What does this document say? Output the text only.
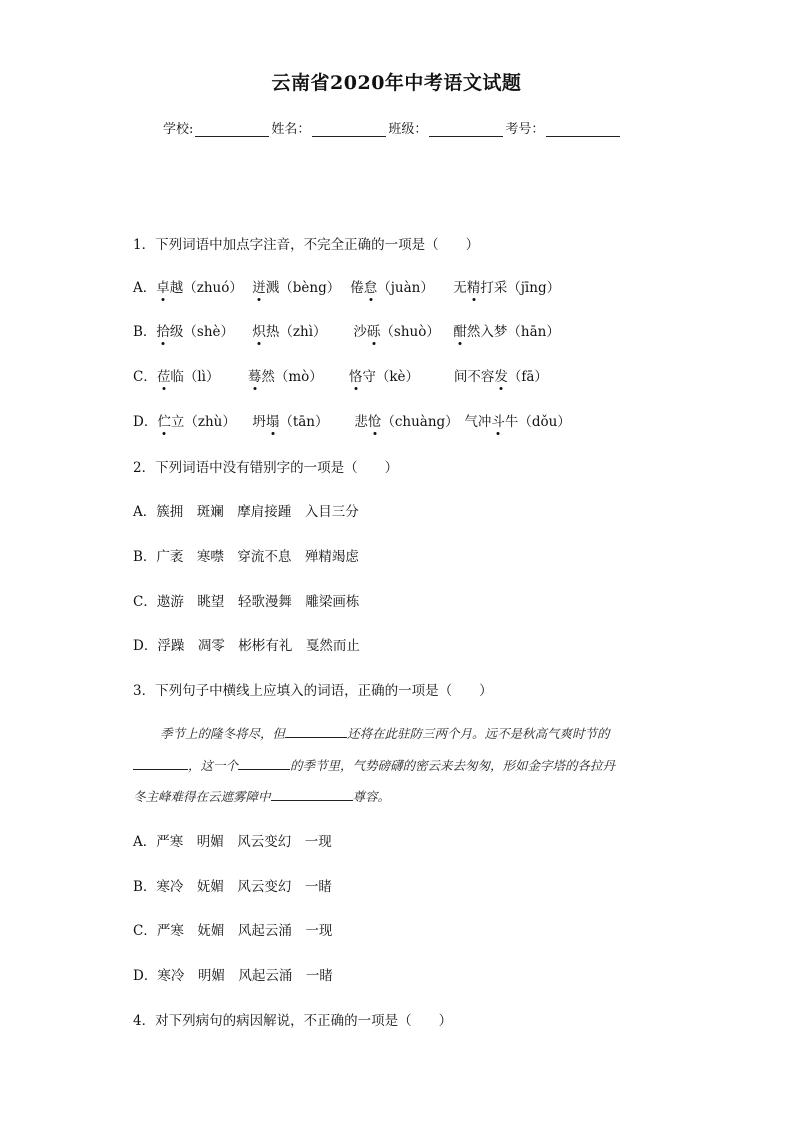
云南省2020年中考语文试题
学校:	姓名：	班级：	考号：
1．下列词语中加点字注音，不完全正确的一项是（　　）
A．卓越（zhuó） 迸溅（bèng） 倦怠（juàn） 无精打采（jīng）
B．拾级（shè） 炽热（zhì） 沙砾（shuò） 酣然入梦（hān）
C．莅临（lì） 蓦然（mò） 恪守（kè）	间不容发（fā）
D．伫立（zhù） 坍塌（tān） 悲怆（chuàng） 气冲斗牛（dǒu）
2．下列词语中没有错别字的一项是（　　）
A．簇拥　斑斓　摩肩接踵　入目三分
B．广袤　寒噤　穿流不息　殚精竭虑
C．遨游　眺望　轻歌漫舞　雕梁画栋
D．浮躁　凋零　彬彬有礼　戛然而止
3．下列句子中横线上应填入的词语，正确的一项是（　　）
季节上的隆冬将尽，但	还将在此驻防三两个月。远不是秋高气爽时节的
，这一个	的季节里，气势磅礴的密云来去匆匆，形如金字塔的各拉丹
冬主峰难得在云遮雾障中	尊容。
A．严寒　明媚　风云变幻　一现
B．寒冷　妩媚　风云变幻　一睹
C．严寒　妩媚　风起云涌　一现
D．寒冷　明媚　风起云涌　一睹
4．对下列病句的病因解说，不正确的一项是（　　）
